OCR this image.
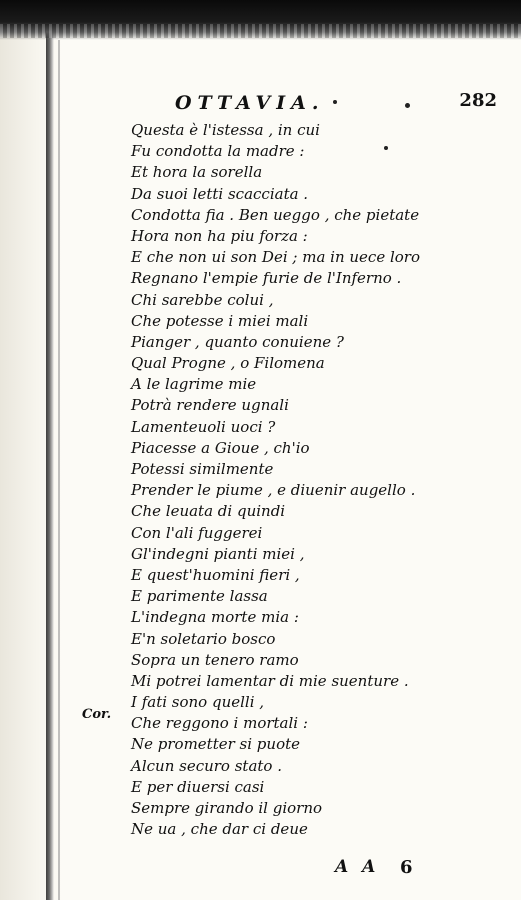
OTTAVIA.	282
Questa è l'istessa , in cui
Fu condotta la madre :
Et hora la sorella
Da suoi letti scacciata .
Condotta fia . Ben ueggo , che pietate
Hora non ha piu forza :
E che non ui son Dei ; ma in uece loro
Regnano l'empie furie de l'Inferno .
Chi sarebbe colui ,
Che potesse i miei mali
Pianger , quanto conuiene ?
Qual Progne , o Filomena
A le lagrime mie
Potrà rendere ugnali
Lamenteuoli uoci ?
Piacesse a Gioue , ch'io
Potessi similmente
Prender le piume , e diuenir augello .
Che leuata di quindi
Con l'ali fuggerei
Gl'indegni pianti miei ,
E quest'huomini fieri ,
E parimente lassa
L'indegna morte mia :
E'n soletario bosco
Sopra un tenero ramo
Mi potrei lamentar di mie suenture .
I fati sono quelli ,
Che reggono i mortali :
Ne prometter si puote
Alcun securo stato .
E per diuersi casi
Sempre girando il giorno
Ne ua , che dar ci deue
Cor.
A A 6
